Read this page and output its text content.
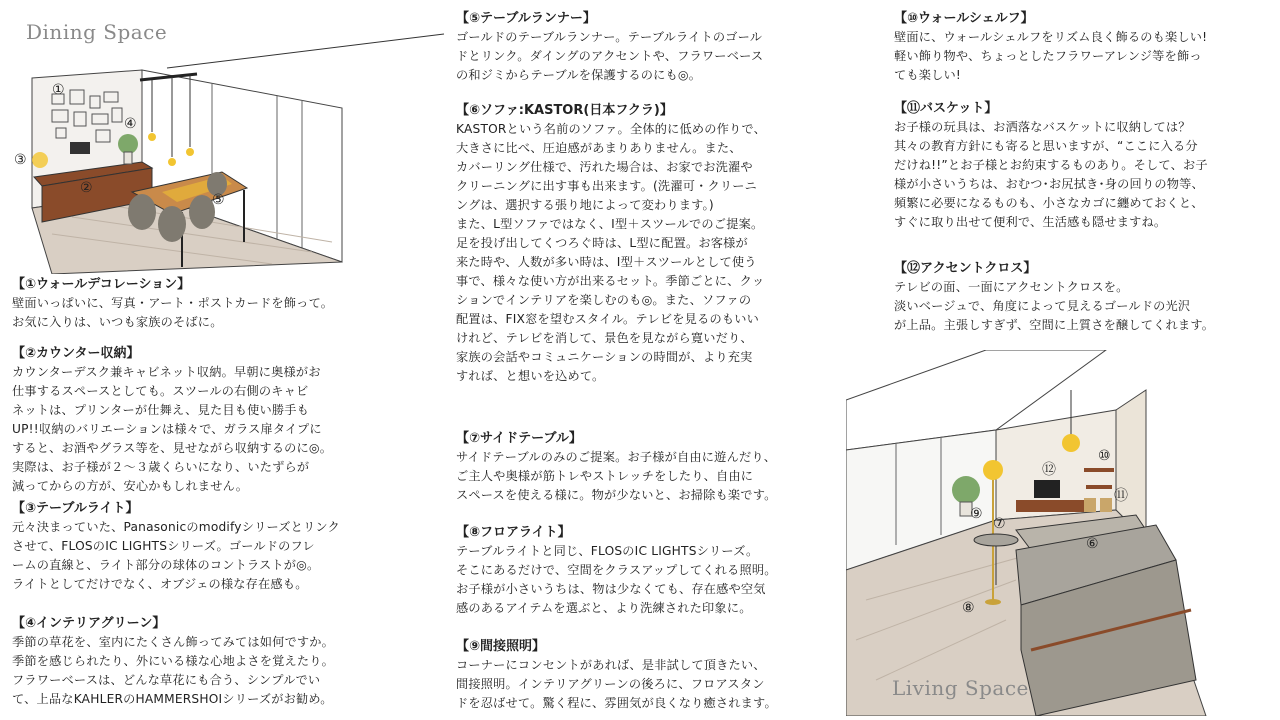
Dining Space
①
②
③
④
⑤
⑥
⑦
⑧
⑨
⑩
⑪
⑫
Living Space

【①ウォールデコレーション】

壁面いっぱいに、写真・アート・ポストカードを飾って。
お気に入りは、いつも家族のそばに。

【②カウンター収納】

カウンターデスク兼キャビネット収納。早朝に奥様がお
仕事するスペースとしても。スツールの右側のキャビ
ネットは、プリンターが仕舞え、見た目も使い勝手も
UP!!収納のバリエーションは様々で、ガラス扉タイプに
すると、お酒やグラス等を、見せながら収納するのに◎。
実際は、お子様が２～３歳くらいになり、いたずらが
減ってからの方が、安心かもしれません。

【③テーブルライト】

元々決まっていた、Panasonicのmodifyシリーズとリンク
させて、FLOSのIC LIGHTSシリーズ。ゴールドのフレ
ームの直線と、ライト部分の球体のコントラストが◎。
ライトとしてだけでなく、オブジェの様な存在感も。

【④インテリアグリーン】

季節の草花を、室内にたくさん飾ってみては如何ですか。
季節を感じられたり、外にいる様な心地よさを覚えたり。
フラワーベースは、どんな草花にも合う、シンプルでい
て、上品なKAHLERのHAMMERSHOIシリーズがお勧め。

【⑤テーブルランナー】

ゴールドのテーブルランナー。テーブルライトのゴール
ドとリンク。ダイングのアクセントや、フラワーベース
の和ジミからテーブルを保護するのにも◎。

【⑥ソファ:KASTOR(日本フクラ)】

KASTORという名前のソファ。全体的に低めの作りで、
大きさに比べ、圧迫感があまりありません。また、
カバーリング仕様で、汚れた場合は、お家でお洗濯や
クリーニングに出す事も出来ます。(洗濯可・クリーニ
ングは、選択する張り地によって変わります。)
また、L型ソファではなく、I型＋スツールでのご提案。
足を投げ出してくつろぐ時は、L型に配置。お客様が
来た時や、人数が多い時は、I型＋スツールとして使う
事で、様々な使い方が出来るセット。季節ごとに、クッ
ションでインテリアを楽しむのも◎。また、ソファの
配置は、FIX窓を望むスタイル。テレビを見るのもいい
けれど、テレビを消して、景色を見ながら寛いだり、
家族の会話やコミュニケーションの時間が、より充実
すれば、と想いを込めて。

【⑦サイドテーブル】

サイドテーブルのみのご提案。お子様が自由に遊んだり、
ご主人や奥様が筋トレやストレッチをしたり、自由に
スペースを使える様に。物が少ないと、お掃除も楽です。

【⑧フロアライト】

テーブルライトと同じ、FLOSのIC LIGHTSシリーズ。
そこにあるだけで、空間をクラスアップしてくれる照明。
お子様が小さいうちは、物は少なくても、存在感や空気
感のあるアイテムを選ぶと、より洗練された印象に。

【⑨間接照明】

コーナーにコンセントがあれば、是非試して頂きたい、
間接照明。インテリアグリーンの後ろに、フロアスタン
ドを忍ばせて。驚く程に、雰囲気が良くなり癒されます。

【⑩ウォールシェルフ】

壁面に、ウォールシェルフをリズム良く飾るのも楽しい!
軽い飾り物や、ちょっとしたフラワーアレンジ等を飾っ
ても楽しい!

【⑪バスケット】

お子様の玩具は、お洒落なバスケットに収納しては？
其々の教育方針にも寄ると思いますが、“ここに入る分
だけね!!”とお子様とお約束するものあり。そして、お子
様が小さいうちは、おむつ･お尻拭き･身の回りの物等、
頻繁に必要になるものも、小さなカゴに纏めておくと、
すぐに取り出せて便利で、生活感も隠せますね。

【⑫アクセントクロス】

テレビの面、一面にアクセントクロスを。
淡いベージュで、角度によって見えるゴールドの光沢
が上品。主張しすぎず、空間に上質さを醸してくれます。
